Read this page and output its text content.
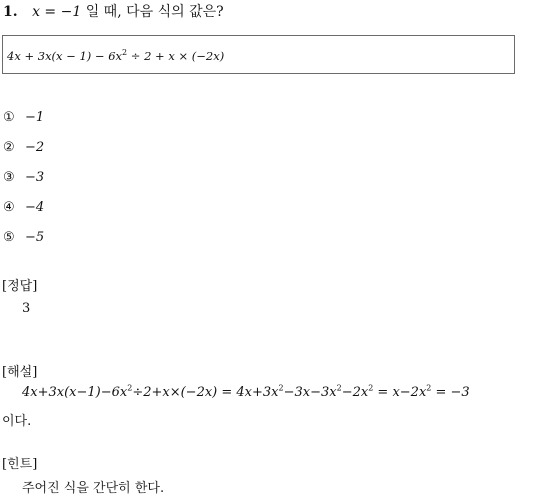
1. x = −1 일 때, 다음 식의 값은?
$4x + 3x(x - 1) - 6x^2 \div 2 + x \times (-2x)$
① −1
② −2
③ −3
④ −4
⑤ −5
[정답]
3
[해설]
$4x+3x(x-1)-6x^2\div 2+x\times(-2x) = 4x+3x^2-3x-3x^2-2x^2 = x-2x^2 = -3$
이다.
[힌트]
주어진 식을 간단히 한다.
